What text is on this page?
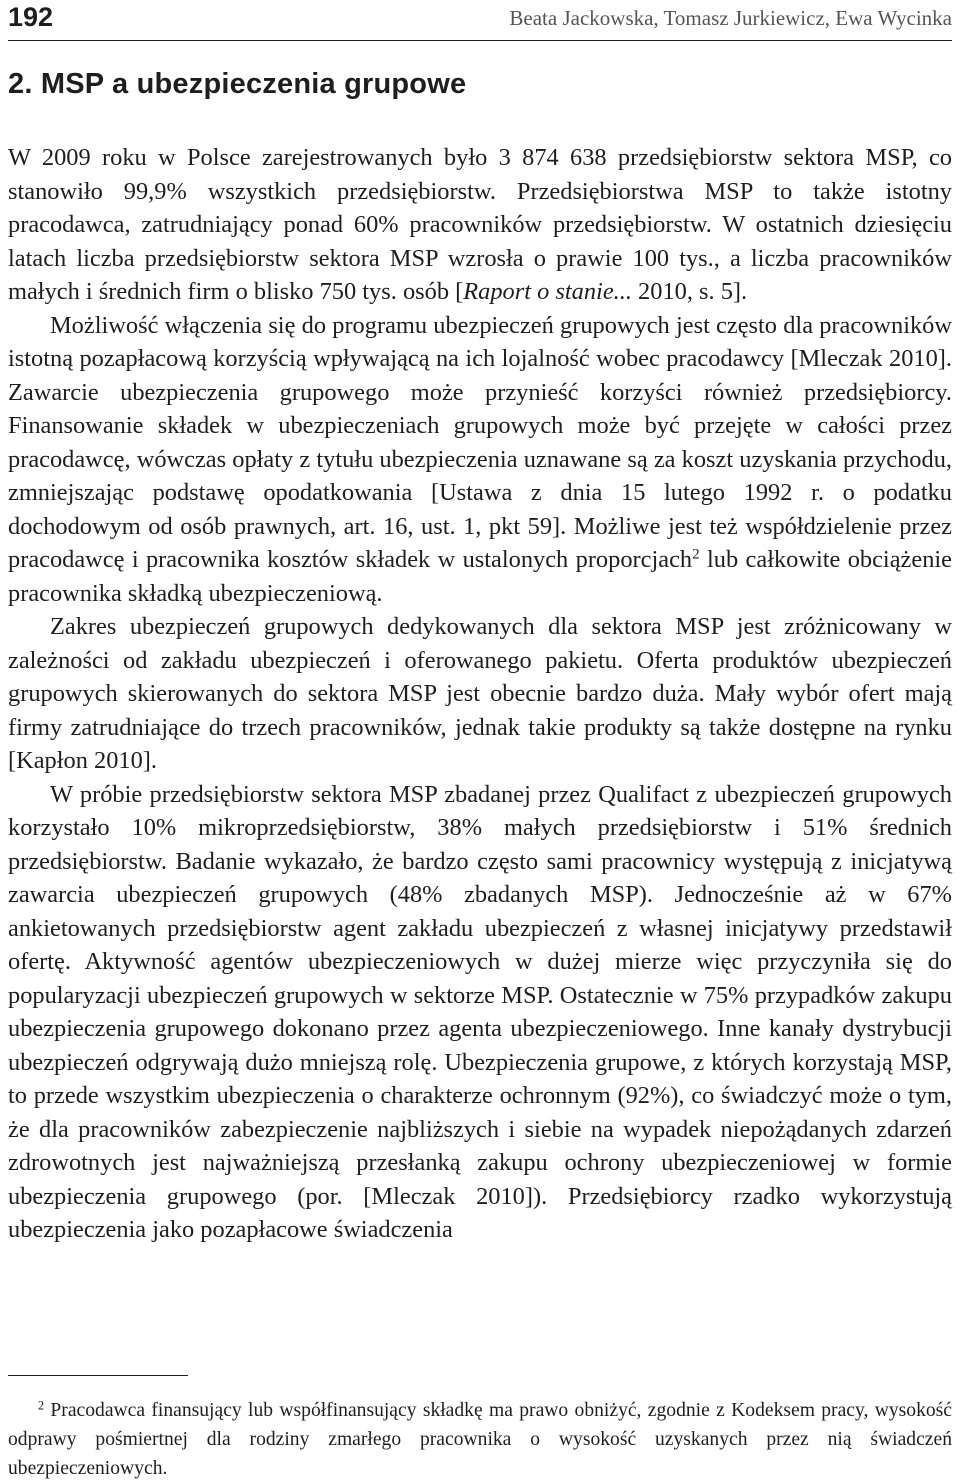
192	Beata Jackowska, Tomasz Jurkiewicz, Ewa Wycinka
2. MSP a ubezpieczenia grupowe

W 2009 roku w Polsce zarejestrowanych było 3 874 638 przedsiębiorstw sektora MSP, co stanowiło 99,9% wszystkich przedsiębiorstw. Przedsiębiorstwa MSP to także istotny pracodawca, zatrudniający ponad 60% pracowników przedsiębiorstw. W ostatnich dziesięciu latach liczba przedsiębiorstw sektora MSP wzrosła o prawie 100 tys., a liczba pracowników małych i średnich firm o blisko 750 tys. osób [Raport o stanie... 2010, s. 5].

Możliwość włączenia się do programu ubezpieczeń grupowych jest często dla pracowników istotną pozapłacową korzyścią wpływającą na ich lojalność wobec pracodawcy [Mleczak 2010]. Zawarcie ubezpieczenia grupowego może przynieść korzyści również przedsiębiorcy. Finansowanie składek w ubezpieczeniach grupowych może być przejęte w całości przez pracodawcę, wówczas opłaty z tytułu ubezpieczenia uznawane są za koszt uzyskania przychodu, zmniejszając podstawę opodatkowania [Ustawa z dnia 15 lutego 1992 r. o podatku dochodowym od osób prawnych, art. 16, ust. 1, pkt 59]. Możliwe jest też współdzielenie przez pracodawcę i pracownika kosztów składek w ustalonych proporcjach$^2$ lub całkowite obciążenie pracownika składką ubezpieczeniową.

Zakres ubezpieczeń grupowych dedykowanych dla sektora MSP jest zróżnicowany w zależności od zakładu ubezpieczeń i oferowanego pakietu. Oferta produktów ubezpieczeń grupowych skierowanych do sektora MSP jest obecnie bardzo duża. Mały wybór ofert mają firmy zatrudniające do trzech pracowników, jednak takie produkty są także dostępne na rynku [Kapłon 2010].

W próbie przedsiębiorstw sektora MSP zbadanej przez Qualifact z ubezpieczeń grupowych korzystało 10% mikroprzedsiębiorstw, 38% małych przedsiębiorstw i 51% średnich przedsiębiorstw. Badanie wykazało, że bardzo często sami pracownicy występują z inicjatywą zawarcia ubezpieczeń grupowych (48% zbadanych MSP). Jednocześnie aż w 67% ankietowanych przedsiębiorstw agent zakładu ubezpieczeń z własnej inicjatywy przedstawił ofertę. Aktywność agentów ubezpieczeniowych w dużej mierze więc przyczyniła się do popularyzacji ubezpieczeń grupowych w sektorze MSP. Ostatecznie w 75% przypadków zakupu ubezpieczenia grupowego dokonano przez agenta ubezpieczeniowego. Inne kanały dystrybucji ubezpieczeń odgrywają dużo mniejszą rolę. Ubezpieczenia grupowe, z których korzystają MSP, to przede wszystkim ubezpieczenia o charakterze ochronnym (92%), co świadczyć może o tym, że dla pracowników zabezpieczenie najbliższych i siebie na wypadek niepożądanych zdarzeń zdrowotnych jest najważniejszą przesłanką zakupu ochrony ubezpieczeniowej w formie ubezpieczenia grupowego (por. [Mleczak 2010]). Przedsiębiorcy rzadko wykorzystują ubezpieczenia jako pozapłacowe świadczenia

$^2$ Pracodawca finansujący lub współfinansujący składkę ma prawo obniżyć, zgodnie z Kodeksem pracy, wysokość odprawy pośmiertnej dla rodziny zmarłego pracownika o wysokość uzyskanych przez nią świadczeń ubezpieczeniowych.
